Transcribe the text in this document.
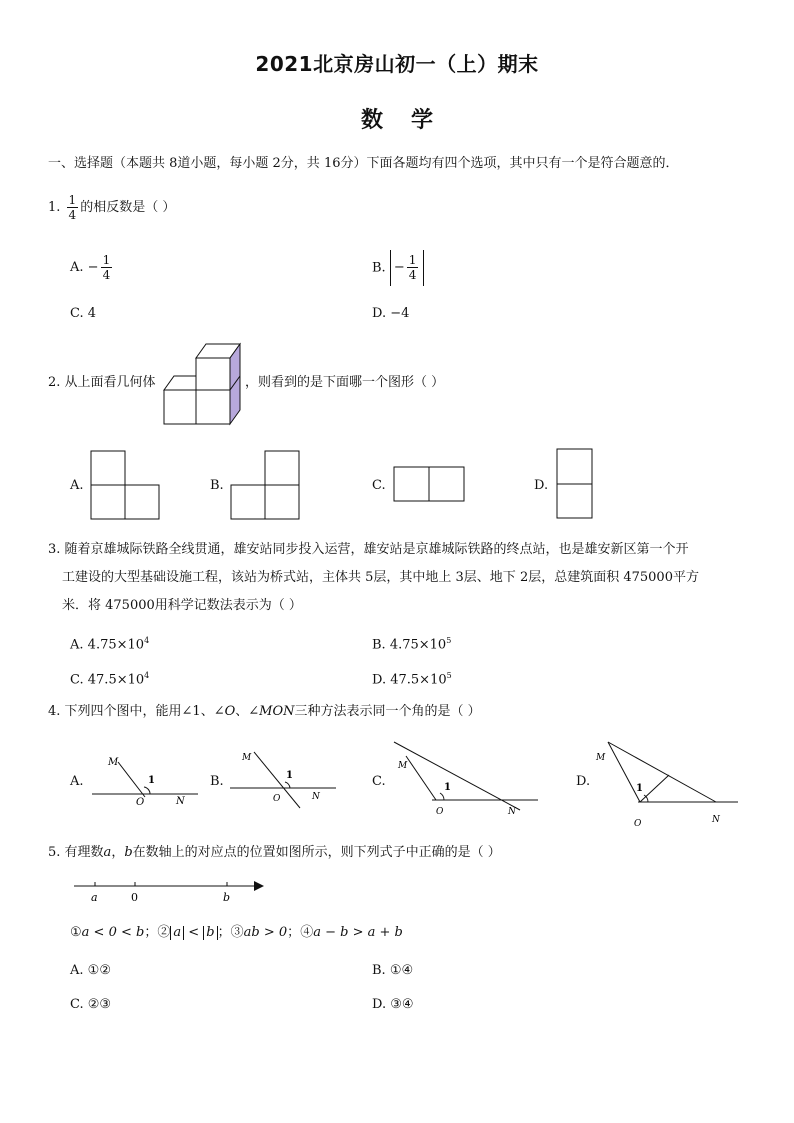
2021北京房山初一（上）期末
数学
一、选择题（本题共 8道小题，每小题 2分，共 16分）下面各题均有四个选项，其中只有一个是符合题意的．
1. $\frac{1}{4}$ 的相反数是（ ）
A. − $\frac{1}{4}$	B. − $\frac{1}{4}$
C. 4	D. −4
2. 从上面看几何体	，则看到的是下面哪一个图形（ ）
A.	B.	C.	D.
3. 随着京雄城际铁路全线贯通，雄安站同步投入运营，雄安站是京雄城际铁路的终点站，也是雄安新区第一个开
工建设的大型基础设施工程，该站为桥式站，主体共 5层，其中地上 3层、地下 2层，总建筑面积 475000平方
米．将 475000用科学记数法表示为（ ）
A. $4.75\times 10^4$	B. $4.75\times 10^5$
C. $47.5\times 10^4$	D. $47.5\times 10^5$
4. 下列四个图中，能用∠1、∠O、∠MON三种方法表示同一个角的是（ ）
A.
M
1
O	N
B.
M
1
O	N
C.
M
1
O	N
D.
M
1
O	N
5. 有理数a，b在数轴上的对应点的位置如图所示，则下列式子中正确的是（ ）
a	0	b
①a < 0 < b；② a < b ；③ab > 0；④a − b > a + b
A. ①②	B. ①④
C. ②③	D. ③④
